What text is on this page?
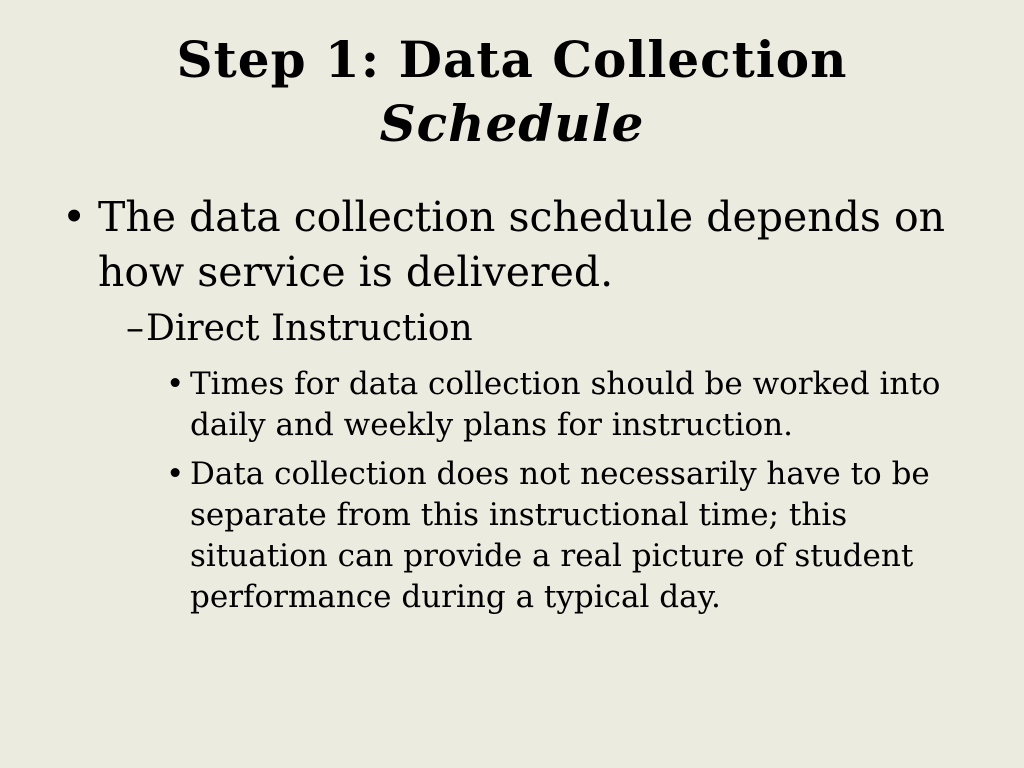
Step 1: Data Collection
Schedule
• The data collection schedule depends on how service is delivered.
– Direct Instruction
• Times for data collection should be worked into daily and weekly plans for instruction.
• Data collection does not necessarily have to be separate from this instructional time; this situation can provide a real picture of student performance during a typical day.
